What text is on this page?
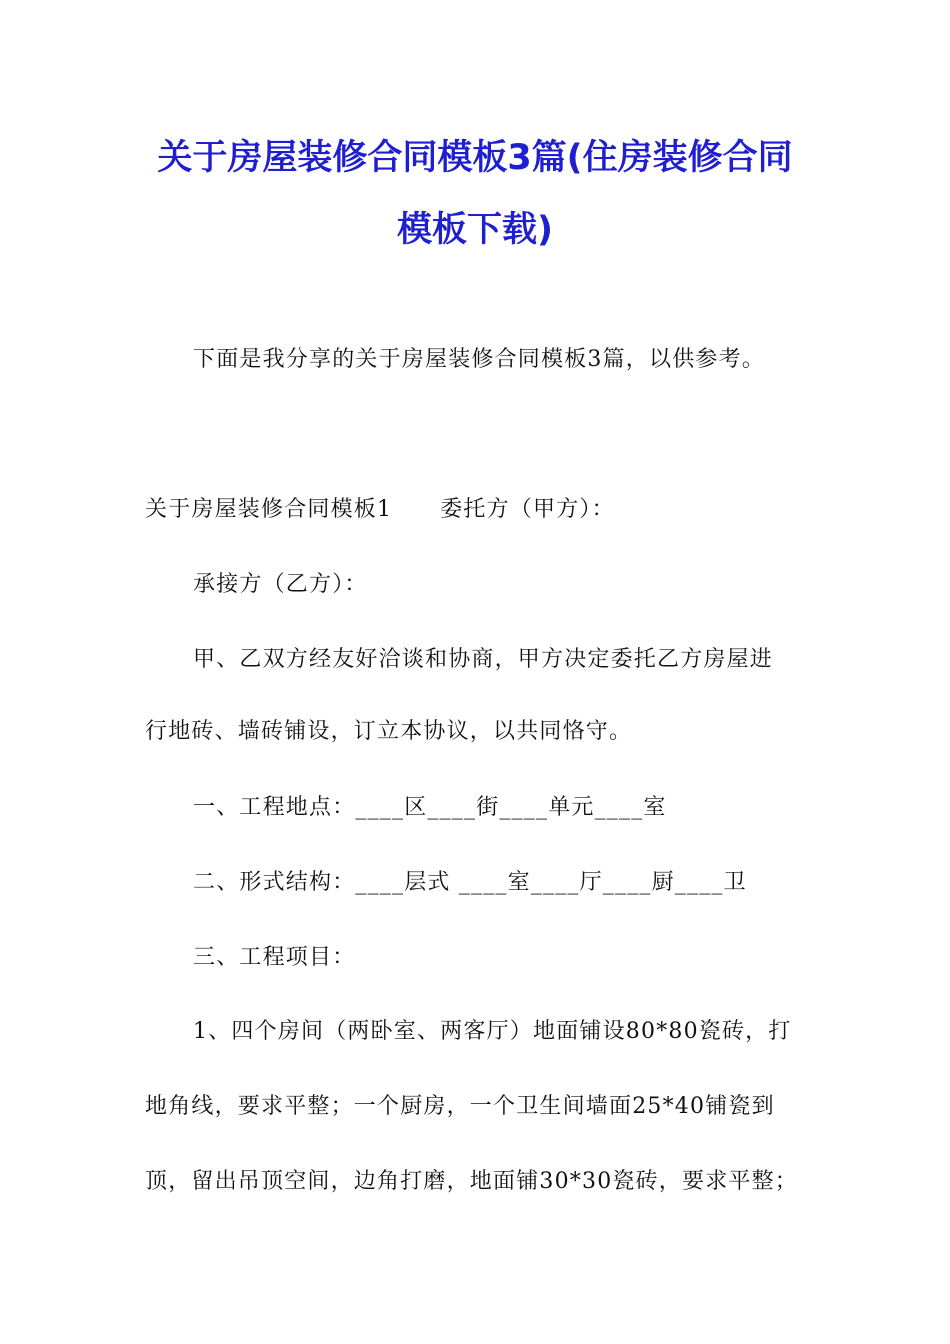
关于房屋装修合同模板3篇(住房装修合同
模板下载)
下面是我分享的关于房屋装修合同模板3篇，以供参考。
关于房屋装修合同模板1 委托方（甲方）：
承接方（乙方）：
甲、乙双方经友好洽谈和协商，甲方决定委托乙方房屋进
行地砖、墙砖铺设，订立本协议，以共同恪守。
一、工程地点：____区____街____单元____室
二、形式结构：____层式 ____室____厅____厨____卫
三、工程项目：
1、四个房间（两卧室、两客厅）地面铺设80*80瓷砖，打
地角线，要求平整；一个厨房，一个卫生间墙面25*40铺瓷到
顶，留出吊顶空间，边角打磨，地面铺30*30瓷砖，要求平整；
